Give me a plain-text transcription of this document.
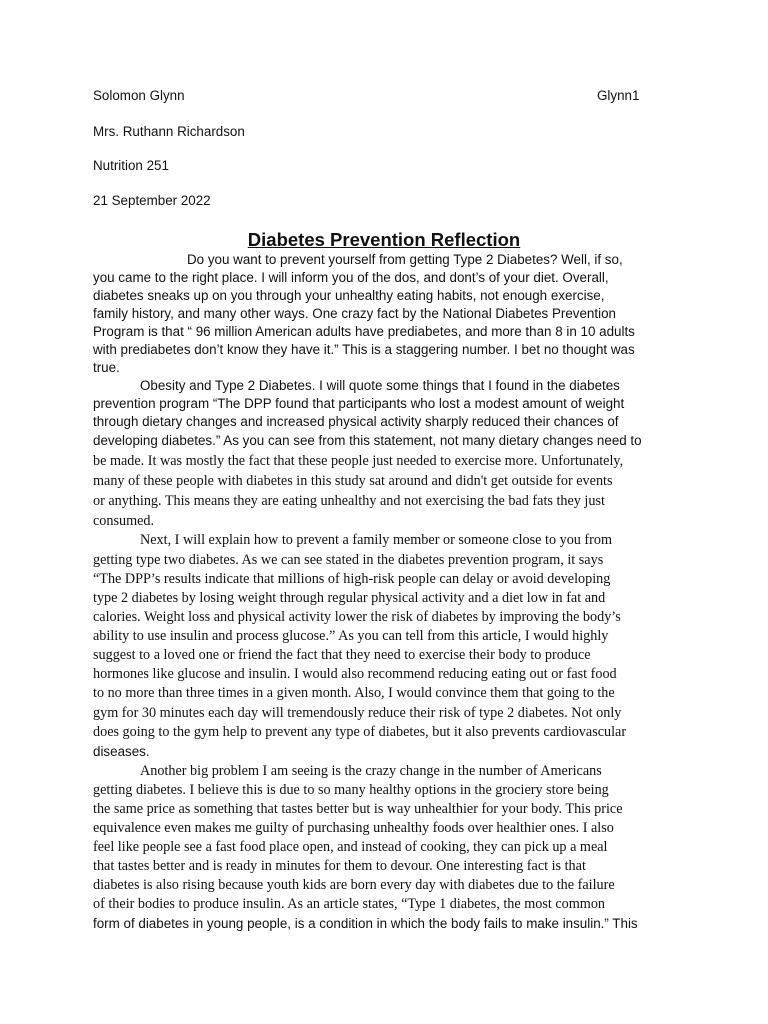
Solomon Glynn	Glynn1
Mrs. Ruthann Richardson
Nutrition 251
21 September 2022
Diabetes Prevention Reflection
Do you want to prevent yourself from getting Type 2 Diabetes? Well, if so,
you came to the right place. I will inform you of the dos, and dont’s of your diet. Overall,
diabetes sneaks up on you through your unhealthy eating habits, not enough exercise,
family history, and many other ways. One crazy fact by the National Diabetes Prevention
Program is that “ 96 million American adults have prediabetes, and more than 8 in 10 adults
with prediabetes don’t know they have it.” This is a staggering number. I bet no thought was
true.
Obesity and Type 2 Diabetes. I will quote some things that I found in the diabetes
prevention program “The DPP found that participants who lost a modest amount of weight
through dietary changes and increased physical activity sharply reduced their chances of
developing diabetes.” As you can see from this statement, not many dietary changes need to
be made. It was mostly the fact that these people just needed to exercise more. Unfortunately,
many of these people with diabetes in this study sat around and didn't get outside for events
or anything. This means they are eating unhealthy and not exercising the bad fats they just
consumed.
Next, I will explain how to prevent a family member or someone close to you from
getting type two diabetes. As we can see stated in the diabetes prevention program, it says
“The DPP’s results indicate that millions of high-risk people can delay or avoid developing
type 2 diabetes by losing weight through regular physical activity and a diet low in fat and
calories. Weight loss and physical activity lower the risk of diabetes by improving the body’s
ability to use insulin and process glucose.” As you can tell from this article, I would highly
suggest to a loved one or friend the fact that they need to exercise their body to produce
hormones like glucose and insulin. I would also recommend reducing eating out or fast food
to no more than three times in a given month. Also, I would convince them that going to the
gym for 30 minutes each day will tremendously reduce their risk of type 2 diabetes. Not only
does going to the gym help to prevent any type of diabetes, but it also prevents cardiovascular
diseases.
Another big problem I am seeing is the crazy change in the number of Americans
getting diabetes. I believe this is due to so many healthy options in the grociery store being
the same price as something that tastes better but is way unhealthier for your body. This price
equivalence even makes me guilty of purchasing unhealthy foods over healthier ones. I also
feel like people see a fast food place open, and instead of cooking, they can pick up a meal
that tastes better and is ready in minutes for them to devour. One interesting fact is that
diabetes is also rising because youth kids are born every day with diabetes due to the failure
of their bodies to produce insulin. As an article states, “Type 1 diabetes, the most common
form of diabetes in young people, is a condition in which the body fails to make insulin.” This
